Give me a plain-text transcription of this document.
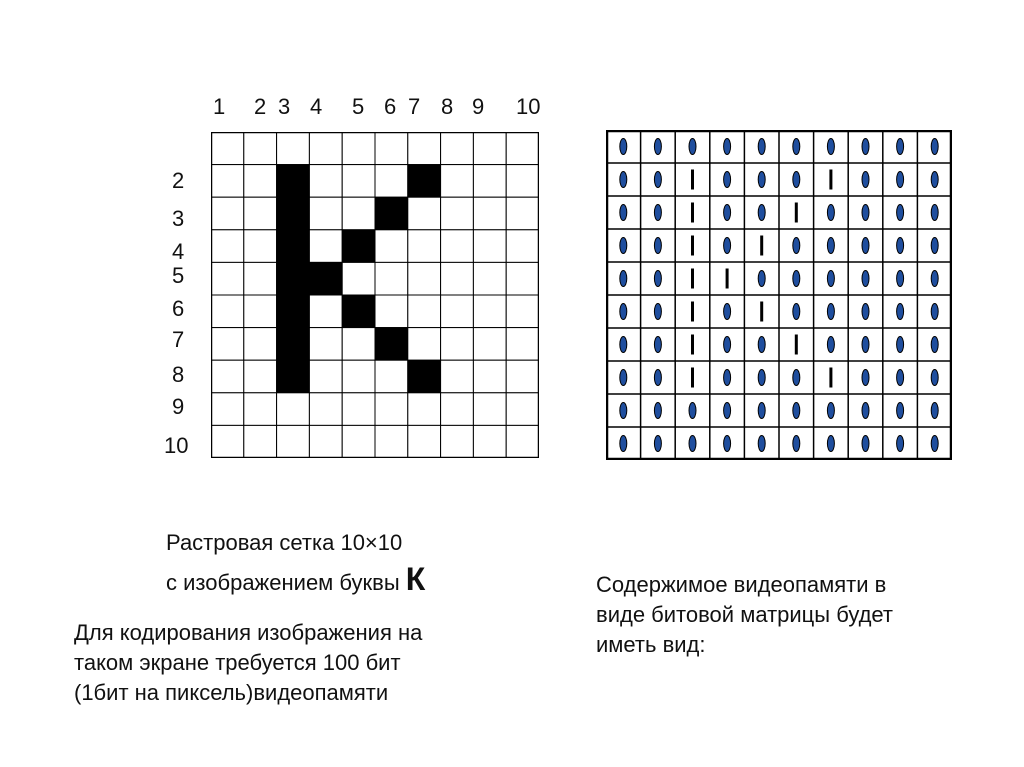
1 2 3 4 5 6 7 8 9 10
2
3
4
5
6
7
8
9
10
Растровая сетка 10×10
с изображением буквы К
Для кодирования изображения на
таком экране требуется 100 бит
(1бит на пиксель)видеопамяти
Содержимое видеопамяти в
виде битовой матрицы будет
иметь вид:
